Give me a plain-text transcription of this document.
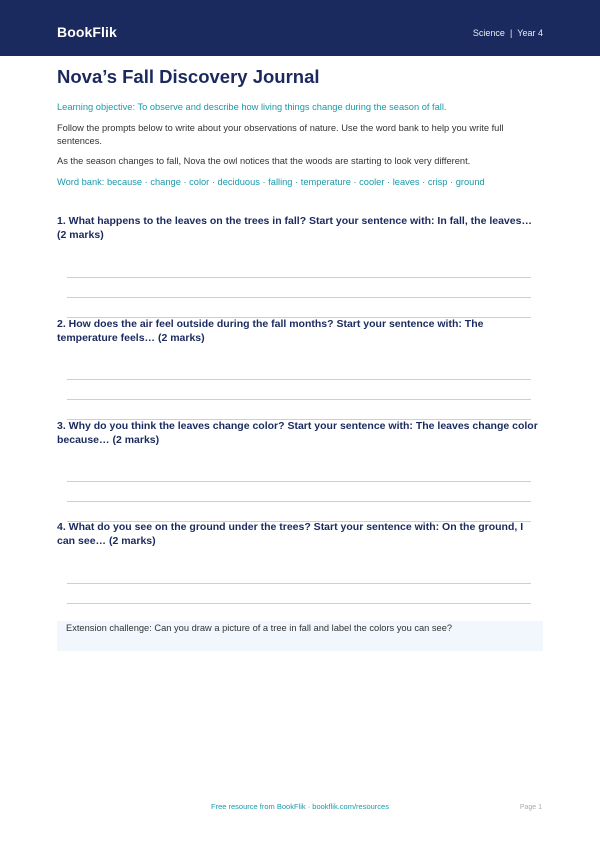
BookFlik	Science | Year 4
Nova’s Fall Discovery Journal

Learning objective: To observe and describe how living things change during the season of fall.

Follow the prompts below to write about your observations of nature. Use the word bank to help you write full sentences.

As the season changes to fall, Nova the owl notices that the woods are starting to look very different.

Word bank: because · change · color · deciduous · falling · temperature · cooler · leaves · crisp · ground

1. What happens to the leaves on the trees in fall? Start your sentence with: In fall, the leaves… (2 marks)

2. How does the air feel outside during the fall months? Start your sentence with: The temperature feels… (2 marks)

3. Why do you think the leaves change color? Start your sentence with: The leaves change color because… (2 marks)

4. What do you see on the ground under the trees? Start your sentence with: On the ground, I can see… (2 marks)

Extension challenge: Can you draw a picture of a tree in fall and label the colors you can see?

Free resource from BookFlik · bookflik.com/resources	Page 1
